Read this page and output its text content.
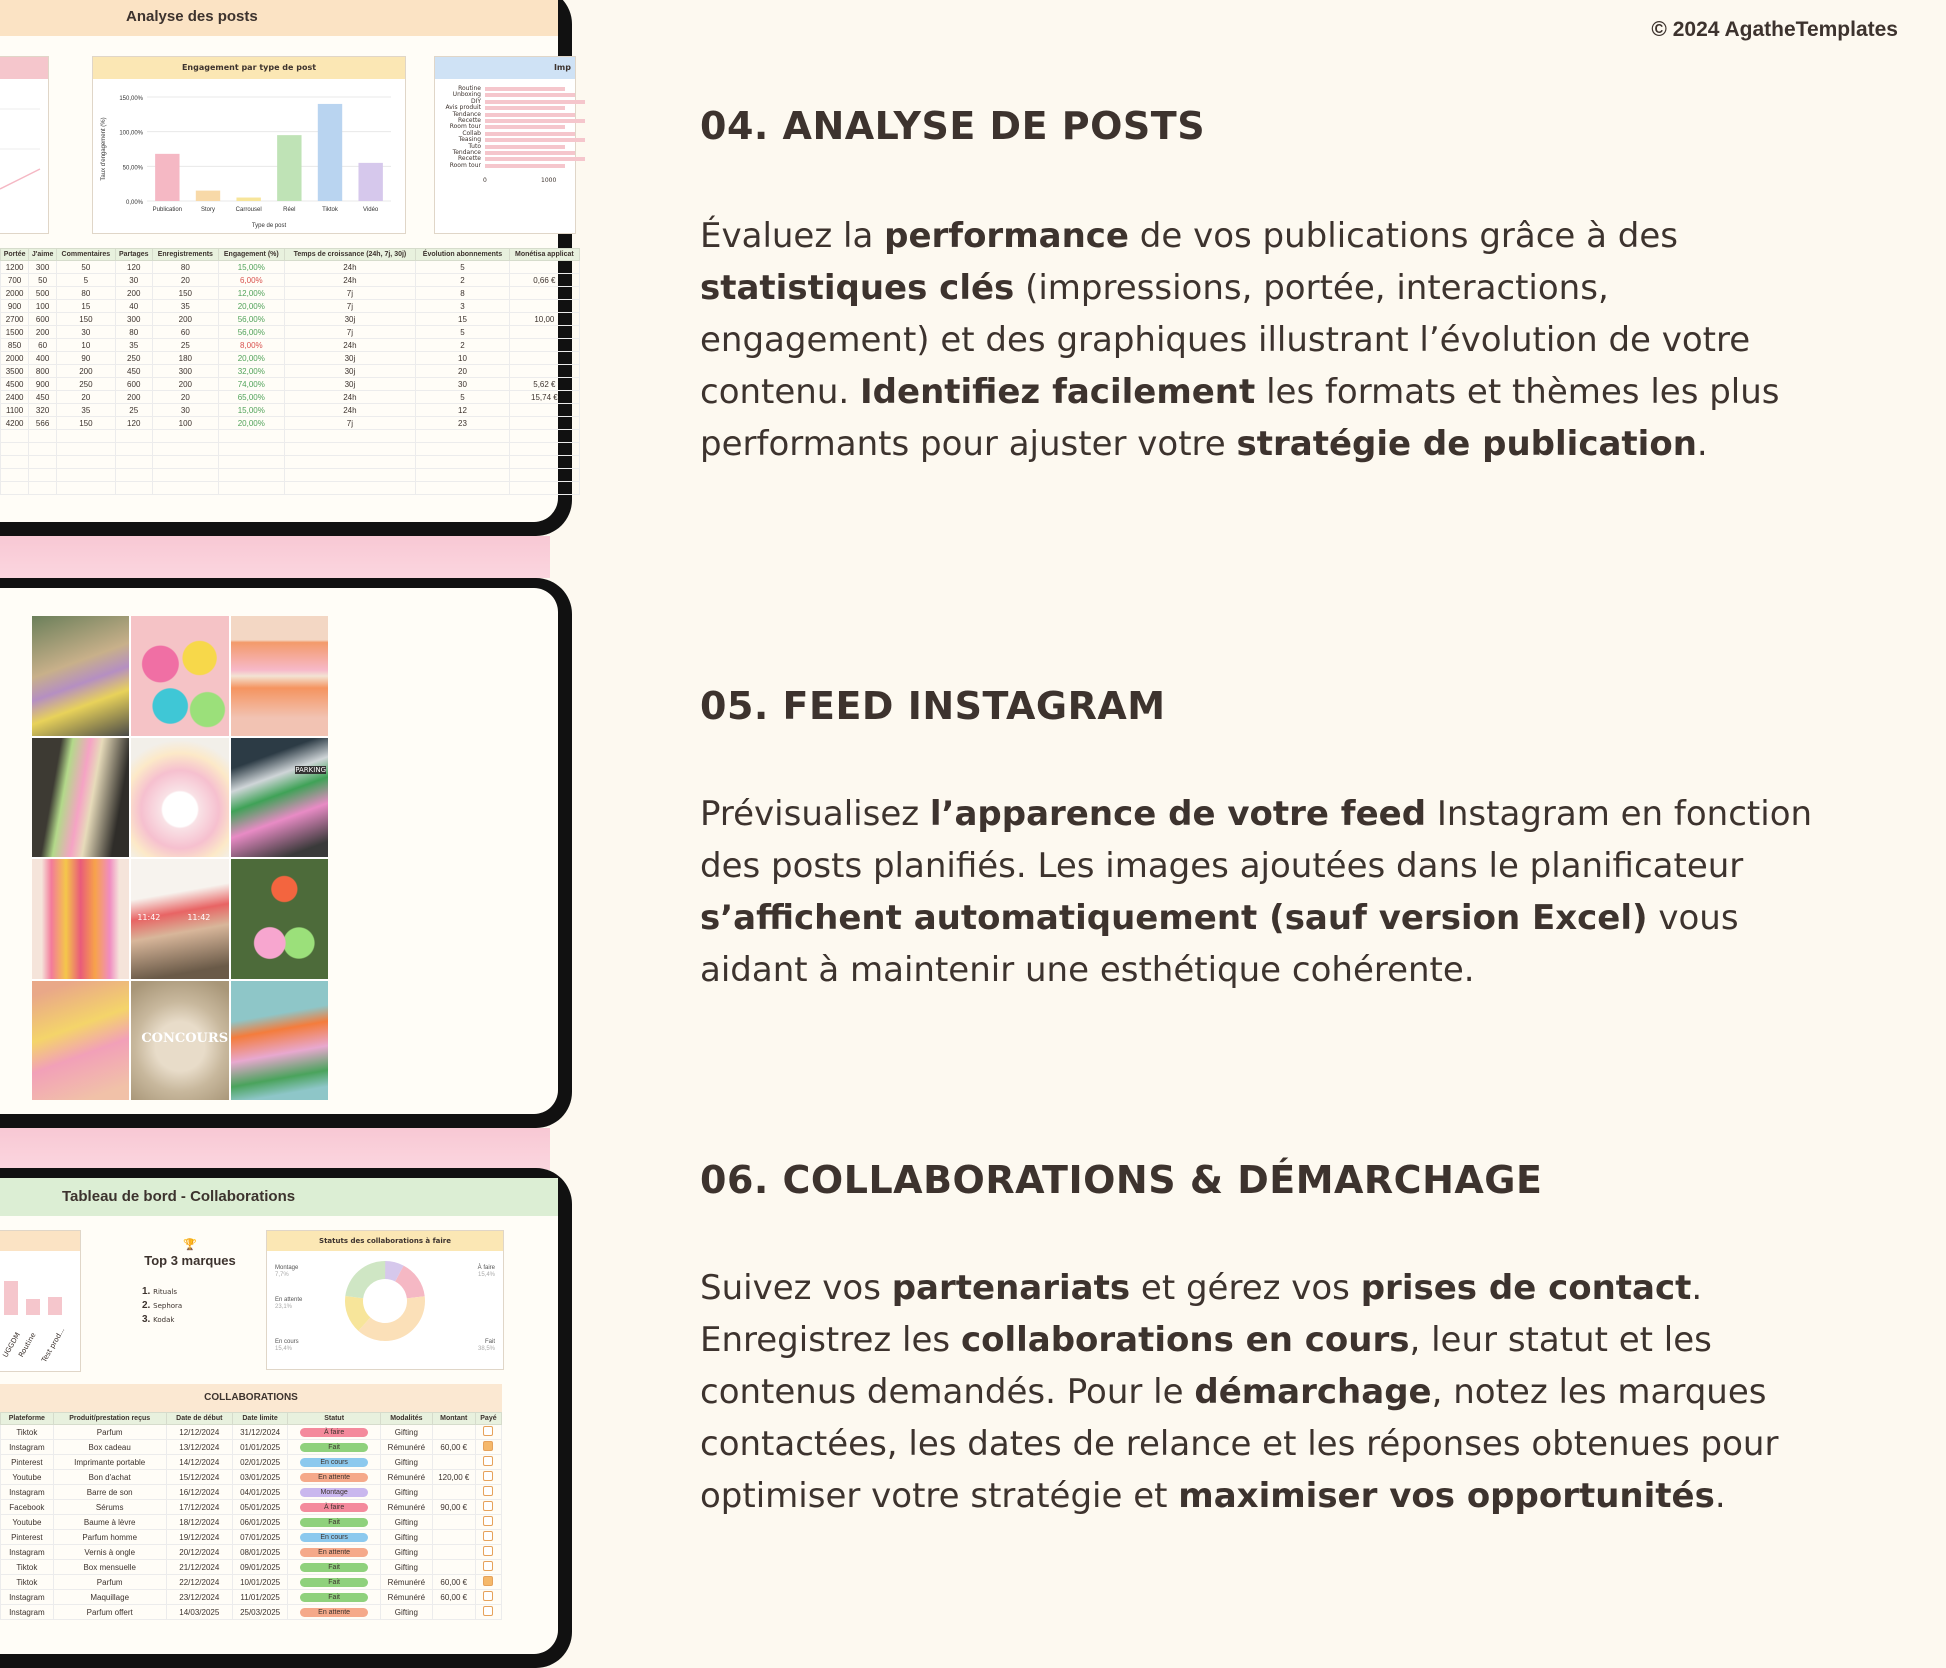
© 2024 AgatheTemplates
Analyse des posts
Engagement par type de post
150,00%
100,00%
50,00%
0,00%
Publication	Story	Carrousel	Réel	Tiktok	Vidéo
Type de post
Taux d'engagement (%)
Imp
Routine
Unboxing
DIY
Avis produit
Tendance
Recette
Room tour
Collab
Teasing
Tuto
Tendance
Recette
Room tour
0	1000
Portée	J'aime	Commentaires	Partages	Enregistrements	Engagement (%)	Temps de croissance (24h, 7j, 30j)	Évolution abonnements	Monétisa applicat
1200	300	50	120	80	15,00%	24h	5	
700	50	5	30	20	6,00%	24h	2	0,66 €
2000	500	80	200	150	12,00%	7j	8	
900	100	15	40	35	20,00%	7j	3	
2700	600	150	300	200	56,00%	30j	15	10,00
1500	200	30	80	60	56,00%	7j	5	
850	60	10	35	25	8,00%	24h	2	
2000	400	90	250	180	20,00%	30j	10	
3500	800	200	450	300	32,00%	30j	20	
4500	900	250	600	200	74,00%	30j	30	5,62 €
2400	450	20	200	20	65,00%	24h	5	15,74 €
1100	320	35	25	30	15,00%	24h	12	
4200	566	150	120	100	20,00%	7j	23	

PARKING
11:42	11:42
CONCOURS
Tableau de bord - Collaborations
UGGDM
Routine Test prod...
🏆
Top 3 marques
1. Rituals
2. Sephora
3. Kodak
Statuts des collaborations à faire
Montage
7,7%
À faire
15,4%
Fait
38,5%
En cours
15,4%
En attente
23,1%
COLLABORATIONS
Plateforme	Produit/prestation reçus	Date de début	Date limite	Statut	Modalités	Montant	Payé
Tiktok	Parfum	12/12/2024	31/12/2024	À faire	Gifting		
Instagram	Box cadeau	13/12/2024	01/01/2025	Fait	Rémunéré	60,00 €	
Pinterest	Imprimante portable	14/12/2024	02/01/2025	En cours	Gifting		
Youtube	Bon d'achat	15/12/2024	03/01/2025	En attente	Rémunéré	120,00 €	
Instagram	Barre de son	16/12/2024	04/01/2025	Montage	Gifting		
Facebook	Sérums	17/12/2024	05/01/2025	À faire	Rémunéré	90,00 €	
Youtube	Baume à lèvre	18/12/2024	06/01/2025	Fait	Gifting		
Pinterest	Parfum homme	19/12/2024	07/01/2025	En cours	Gifting		
Instagram	Vernis à ongle	20/12/2024	08/01/2025	En attente	Gifting		
Tiktok	Box mensuelle	21/12/2024	09/01/2025	Fait	Gifting		
Tiktok	Parfum	22/12/2024	10/01/2025	Fait	Rémunéré	60,00 €	
Instagram	Maquillage	23/12/2024	11/01/2025	Fait	Rémunéré	60,00 €	
Instagram	Parfum offert	14/03/2025	25/03/2025	En attente	Gifting		
04. ANALYSE DE POSTS

Évaluez la performance de vos publications grâce à des statistiques clés (impressions, portée, interactions, engagement) et des graphiques illustrant l’évolution de votre contenu. Identifiez facilement les formats et thèmes les plus performants pour ajuster votre stratégie de publication.

05. FEED INSTAGRAM

Prévisualisez l’apparence de votre feed Instagram en fonction des posts planifiés. Les images ajoutées dans le planificateur s’affichent automatiquement (sauf version Excel) vous aidant à maintenir une esthétique cohérente.

06. COLLABORATIONS & DÉMARCHAGE

Suivez vos partenariats et gérez vos prises de contact. Enregistrez les collaborations en cours, leur statut et les contenus demandés. Pour le démarchage, notez les marques contactées, les dates de relance et les réponses obtenues pour optimiser votre stratégie et maximiser vos opportunités.
